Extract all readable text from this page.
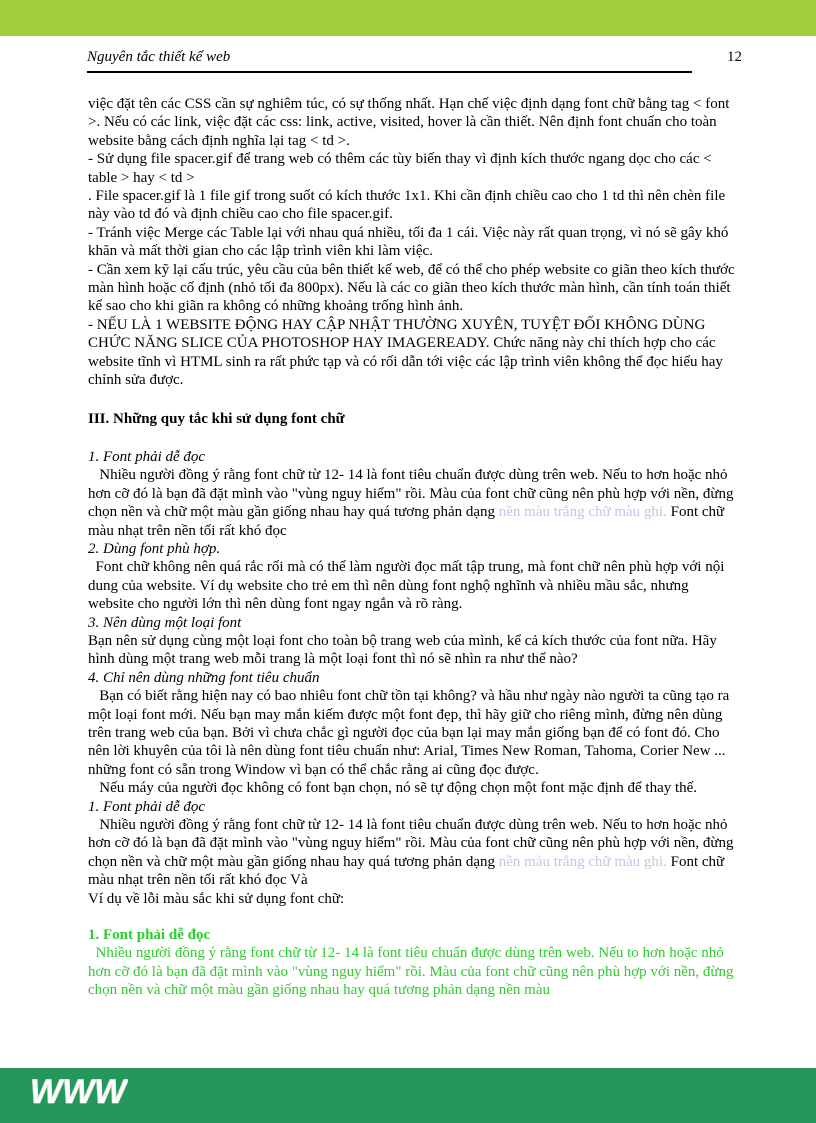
Nguyên tắc thiết kế web	12

việc đặt tên các CSS cần sự nghiêm túc, có sự thống nhất. Hạn chế việc định dạng font chữ bằng tag < font >. Nếu có các link, việc đặt các css: link, active, visited, hover là cần thiết. Nên định font chuẩn cho toàn website bằng cách định nghĩa lại tag < td >.

- Sử dụng file spacer.gif để trang web có thêm các tùy biến thay vì định kích thước ngang dọc cho các < table > hay < td >

. File spacer.gif là 1 file gif trong suốt có kích thước 1x1. Khi cần định chiều cao cho 1 td thì nên chèn file này vào td đó và định chiều cao cho file spacer.gif.

- Tránh việc Merge các Table lại với nhau quá nhiều, tối đa 1 cái. Việc này rất quan trọng, vì nó sẽ gây khó khăn và mất thời gian cho các lập trình viên khi làm việc.

- Cần xem kỹ lại cấu trúc, yêu cầu của bên thiết kế web, để có thể cho phép website co giãn theo kích thước màn hình hoặc cố định (nhỏ tối đa 800px). Nếu là các co giãn theo kích thước màn hình, cần tính toán thiết kế sao cho khi giãn ra không có những khoảng trống hình ảnh.

- NẾU LÀ 1 WEBSITE ĐỘNG HAY CẬP NHẬT THƯỜNG XUYÊN, TUYỆT ĐỐI KHÔNG DÙNG CHỨC NĂNG SLICE CỦA PHOTOSHOP HAY IMAGEREADY. Chức năng này chỉ thích hợp cho các website tĩnh vì HTML sinh ra rất phức tạp và có rối dẫn tới việc các lập trình viên không thể đọc hiểu hay chỉnh sửa được.

III. Những quy tắc khi sử dụng font chữ

1. Font phải dễ đọc

Nhiều người đồng ý rằng font chữ từ 12- 14 là font tiêu chuẩn được dùng trên web. Nếu to hơn hoặc nhỏ hơn cỡ đó là bạn đã đặt mình vào "vùng nguy hiểm" rồi. Màu của font chữ cũng nên phù hợp với nền, đừng chọn nền và chữ một màu gần giống nhau hay quá tương phản dạng nền màu trắng chữ màu ghi. Font chữ màu nhạt trên nền tối rất khó đọc

2. Dùng font phù hợp.

Font chữ không nên quá rắc rối mà có thể làm người đọc mất tập trung, mà font chữ nên phù hợp với nội dung của website. Ví dụ website cho trẻ em thì nên dùng font nghộ nghĩnh và nhiều mầu sắc, nhưng website cho người lớn thì nên dùng font ngay ngắn và rõ ràng.

3. Nên dùng một loại font

Bạn nên sử dụng cùng một loại font cho toàn bộ trang web của mình, kể cả kích thước của font nữa. Hãy hình dùng một trang web mỗi trang là một loại font thì nó sẽ nhìn ra như thế nào?

4. Chỉ nên dùng những font tiêu chuẩn

Bạn có biết rằng hiện nay có bao nhiêu font chữ tồn tại không? và hầu như ngày nào người ta cũng tạo ra một loại font mới. Nếu bạn may mắn kiếm được một font đẹp, thì hãy giữ cho riêng mình, đừng nên dùng trên trang web của bạn. Bởi vì chưa chắc gì người đọc của bạn lại may mắn giống bạn để có font đó. Cho nên lời khuyên của tôi là nên dùng font tiêu chuẩn như: Arial, Times New Roman, Tahoma, Corier New ... những font có sẵn trong Window vì bạn có thể chắc rằng ai cũng đọc được.

Nếu máy của người đọc không có font bạn chọn, nó sẽ tự động chọn một font mặc định để thay thế.

1. Font phải dễ đọc

Nhiều người đồng ý rằng font chữ từ 12- 14 là font tiêu chuẩn được dùng trên web. Nếu to hơn hoặc nhỏ hơn cỡ đó là bạn đã đặt mình vào "vùng nguy hiểm" rồi. Màu của font chữ cũng nên phù hợp với nền, đừng chọn nền và chữ một màu gần giống nhau hay quá tương phản dạng nền màu trắng chữ màu ghi. Font chữ màu nhạt trên nền tối rất khó đọc Và

Ví dụ về lỗi màu sắc khi sử dụng font chữ:

1. Font phải dễ đọc

Nhiều người đồng ý rằng font chữ từ 12- 14 là font tiêu chuẩn được dùng trên web. Nếu to hơn hoặc nhỏ hơn cỡ đó là bạn đã đặt mình vào "vùng nguy hiểm" rồi. Màu của font chữ cũng nên phù hợp với nền, đừng chọn nền và chữ một màu gần giống nhau hay quá tương phản dạng nền màu

WWW
